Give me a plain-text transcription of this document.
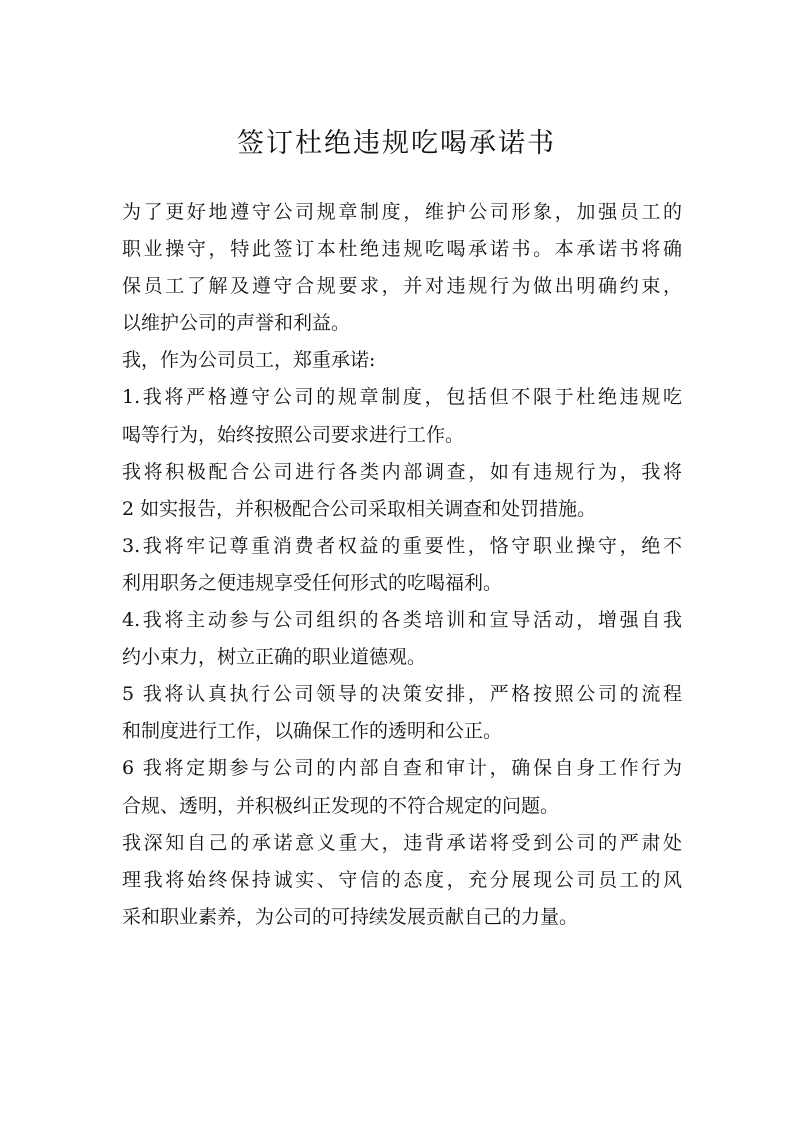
签订杜绝违规吃喝承诺书
为了更好地遵守公司规章制度，维护公司形象，加强员工的
职业操守，特此签订本杜绝违规吃喝承诺书。本承诺书将确
保员工了解及遵守合规要求，并对违规行为做出明确约束，
以维护公司的声誉和利益。
我，作为公司员工，郑重承诺:
1.我将严格遵守公司的规章制度，包括但不限于杜绝违规吃
喝等行为，始终按照公司要求进行工作。
我将积极配合公司进行各类内部调查，如有违规行为，我将
2 如实报告，并积极配合公司采取相关调查和处罚措施。
3.我将牢记尊重消费者权益的重要性，恪守职业操守，绝不
利用职务之便违规享受任何形式的吃喝福利。
4.我将主动参与公司组织的各类培训和宣导活动，增强自我
约小束力，树立正确的职业道德观。
5 我将认真执行公司领导的决策安排，严格按照公司的流程
和制度进行工作，以确保工作的透明和公正。
6 我将定期参与公司的内部自查和审计，确保自身工作行为
合规、透明，并积极纠正发现的不符合规定的问题。
我深知自己的承诺意义重大，违背承诺将受到公司的严肃处
理我将始终保持诚实、守信的态度，充分展现公司员工的风
采和职业素养，为公司的可持续发展贡献自己的力量。
